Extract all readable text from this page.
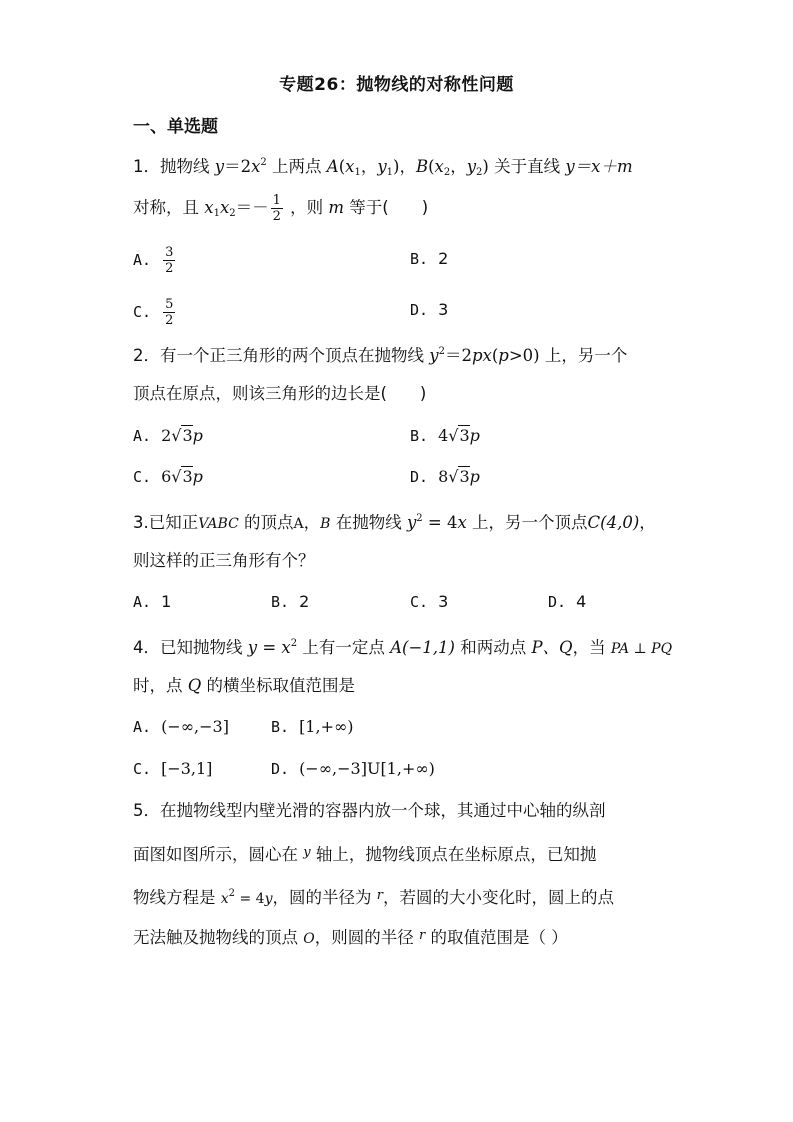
专题26：抛物线的对称性问题
一、单选题
1．抛物线 $y=2x^2$ 上两点 $A(x_1$，$y_1$)，$B(x_2$，$y_2$) 关于直线 y＝x＋m
对称，且 $x_1x_2=- \frac{1}{2}$ ，则 m 等于(　　)
A. $\frac{3}{2}$	B. 2
C. $\frac{5}{2}$	D. 3
2．有一个正三角形的两个顶点在抛物线 $y^2=2px(p>0)$ 上，另一个
顶点在原点，则该三角形的边长是(　　)
A. 2√3p	B. 4√3p
C. 6√3p	D. 8√3p
3.已知正VABC 的顶点A，B 在抛物线 $y^2 = 4x$ 上，另一个顶点C(4,0)，
则这样的正三角形有个？
A. 1	B. 2	C. 3	D. 4
4．已知抛物线 $y = x^2$ 上有一定点 A(−1,1) 和两动点 P、Q，当 PA ⊥ PQ
时，点 Q 的横坐标取值范围是
A. (−∞,−3]	B. [1,+∞)
C. [−3,1]	D. (−∞,−3]U[1,+∞)
5．在抛物线型内壁光滑的容器内放一个球，其通过中心轴的纵剖
面图如图所示，圆心在 $^y$ 轴上，抛物线顶点在坐标原点，已知抛
物线方程是 $x^2 = 4y$，圆的半径为 $^r$，若圆的大小变化时，圆上的点
无法触及抛物线的顶点 O，则圆的半径 $^r$ 的取值范围是（ ）
